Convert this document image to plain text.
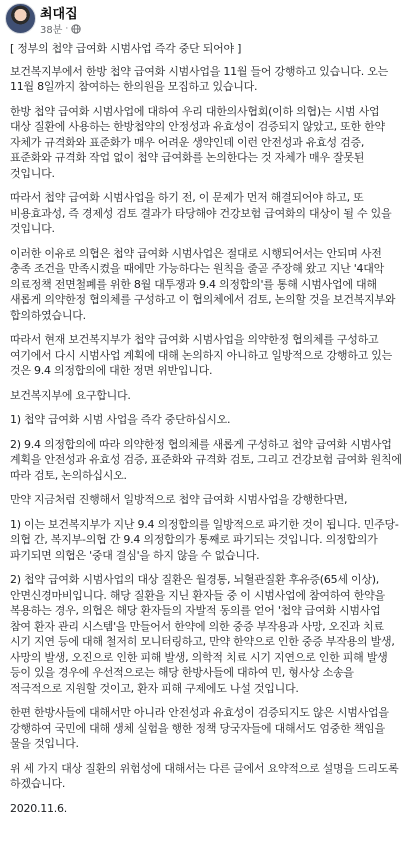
최대집
38분 ·

[ 정부의 첩약 급여화 시범사업 즉각 중단 되어야 ]

보건복지부에서 한방 첩약 급여화 시범사업을 11월 들어 강행하고 있습니다. 오는 11월 8일까지 참여하는 한의원을 모집하고 있습니다.

한방 첩약 급여화 시범사업에 대하여 우리 대한의사협회(이하 의협)는 시범 사업 대상 질환에 사용하는 한방첩약의 안정성과 유효성이 검증되지 않았고, 또한 한약 자체가 규격화와 표준화가 매우 어려운 생약인데 이런 안전성과 유효성 검증, 표준화와 규격화 작업 없이 첩약 급여화를 논의한다는 것 자체가 매우 잘못된 것입니다.

따라서 첩약 급여화 시범사업을 하기 전, 이 문제가 먼저 해결되어야 하고, 또 비용효과성, 즉 경제성 검토 결과가 타당해야 건강보험 급여화의 대상이 될 수 있을 것입니다.

이러한 이유로 의협은 첩약 급여화 시범사업은 절대로 시행되어서는 안되며 사전 충족 조건을 만족시켰을 때에만 가능하다는 원칙을 줄곧 주장해 왔고 지난 '4대악 의료정책 전면철폐를 위한 8월 대투쟁과 9.4 의정합의'를 통해 시범사업에 대해 새롭게 의약한정 협의체를 구성하고 이 협의체에서 검토, 논의할 것을 보건복지부와 합의하였습니다.

따라서 현재 보건복지부가 첩약 급여화 시범사업을 의약한정 협의체를 구성하고 여기에서 다시 시범사업 계획에 대해 논의하지 아니하고 일방적으로 강행하고 있는 것은 9.4 의정합의에 대한 정면 위반입니다.

보건복지부에 요구합니다.

1) 첩약 급여화 시범 사업을 즉각 중단하십시오.

2) 9.4 의정합의에 따라 의약한정 협의체를 새롭게 구성하고 첩약 급여화 시범사업 계획을 안전성과 유효성 검증, 표준화와 규격화 검토, 그리고 건강보험 급여화 원칙에 따라 검토, 논의하십시오.

만약 지금처럼 진행해서 일방적으로 첩약 급여화 시범사업을 강행한다면,

1) 이는 보건복지부가 지난 9.4 의정합의를 일방적으로 파기한 것이 됩니다. 민주당-의협 간, 복지부-의협 간 9.4 의정합의가 통째로 파기되는 것입니다. 의정합의가 파기되면 의협은 '중대 결심'을 하지 않을 수 없습니다.

2) 첩약 급여화 시범사업의 대상 질환은 월경통, 뇌혈관질환 후유증(65세 이상), 안면신경마비입니다. 해당 질환을 지닌 환자들 중 이 시범사업에 참여하여 한약을 복용하는 경우, 의협은 해당 환자들의 자발적 동의를 얻어 '첩약 급여화 시범사업 참여 환자 관리 시스템'을 만들어서 한약에 의한 중증 부작용과 사망, 오진과 치료 시기 지연 등에 대해 철저히 모니터링하고, 만약 한약으로 인한 중증 부작용의 발생, 사망의 발생, 오진으로 인한 피해 발생, 의학적 치료 시기 지연으로 인한 피해 발생 등이 있을 경우에 우선적으로는 해당 한방사들에 대하여 민, 형사상 소송을 적극적으로 지원할 것이고, 환자 피해 구제에도 나설 것입니다.

한편 한방사들에 대해서만 아니라 안전성과 유효성이 검증되지도 않은 시범사업을 강행하여 국민에 대해 생체 실험을 행한 정책 당국자들에 대해서도 엄중한 책임을 물을 것입니다.

위 세 가지 대상 질환의 위험성에 대해서는 다른 글에서 요약적으로 설명을 드리도록 하겠습니다.

2020.11.6.
